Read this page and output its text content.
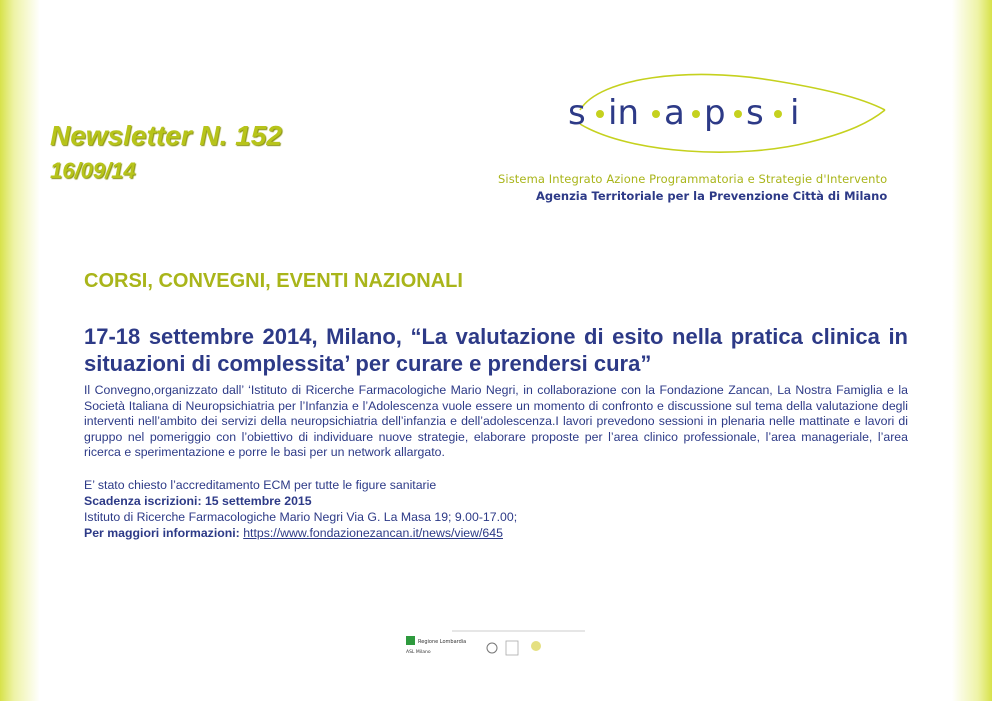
Newsletter N. 152
16/09/14
s in a p s i
Sistema Integrato Azione Programmatoria e Strategie d'Intervento
Agenzia Territoriale per la Prevenzione Città di Milano
CORSI, CONVEGNI, EVENTI NAZIONALI
17-18 settembre 2014, Milano, “La valutazione di esito nella pratica clinica in situazioni di complessita’ per curare e prendersi cura”

Il Convegno,organizzato dall’ ‘Istituto di Ricerche Farmacologiche Mario Negri, in collaborazione con la Fondazione Zancan, La Nostra Famiglia e la Società Italiana di Neuropsichiatria per l’Infanzia e l’Adolescenza vuole essere un momento di confronto e discussione sul tema della valutazione degli interventi nell’ambito dei servizi della neuropsichiatria dell’infanzia e dell’adolescenza.I lavori prevedono sessioni in plenaria nelle mattinate e lavori di gruppo nel pomeriggio con l’obiettivo di individuare nuove strategie, elaborare proposte per l’area clinico professionale, l’area manageriale, l’area ricerca e sperimentazione e porre le basi per un network allargato.

E’ stato chiesto l’accreditamento ECM per tutte le figure sanitarie
Scadenza iscrizioni: 15 settembre 2015
Istituto di Ricerche Farmacologiche Mario Negri Via G. La Masa 19; 9.00-17.00;
Per maggiori informazioni: https://www.fondazionezancan.it/news/view/645
Regione Lombardia
ASL Milano
